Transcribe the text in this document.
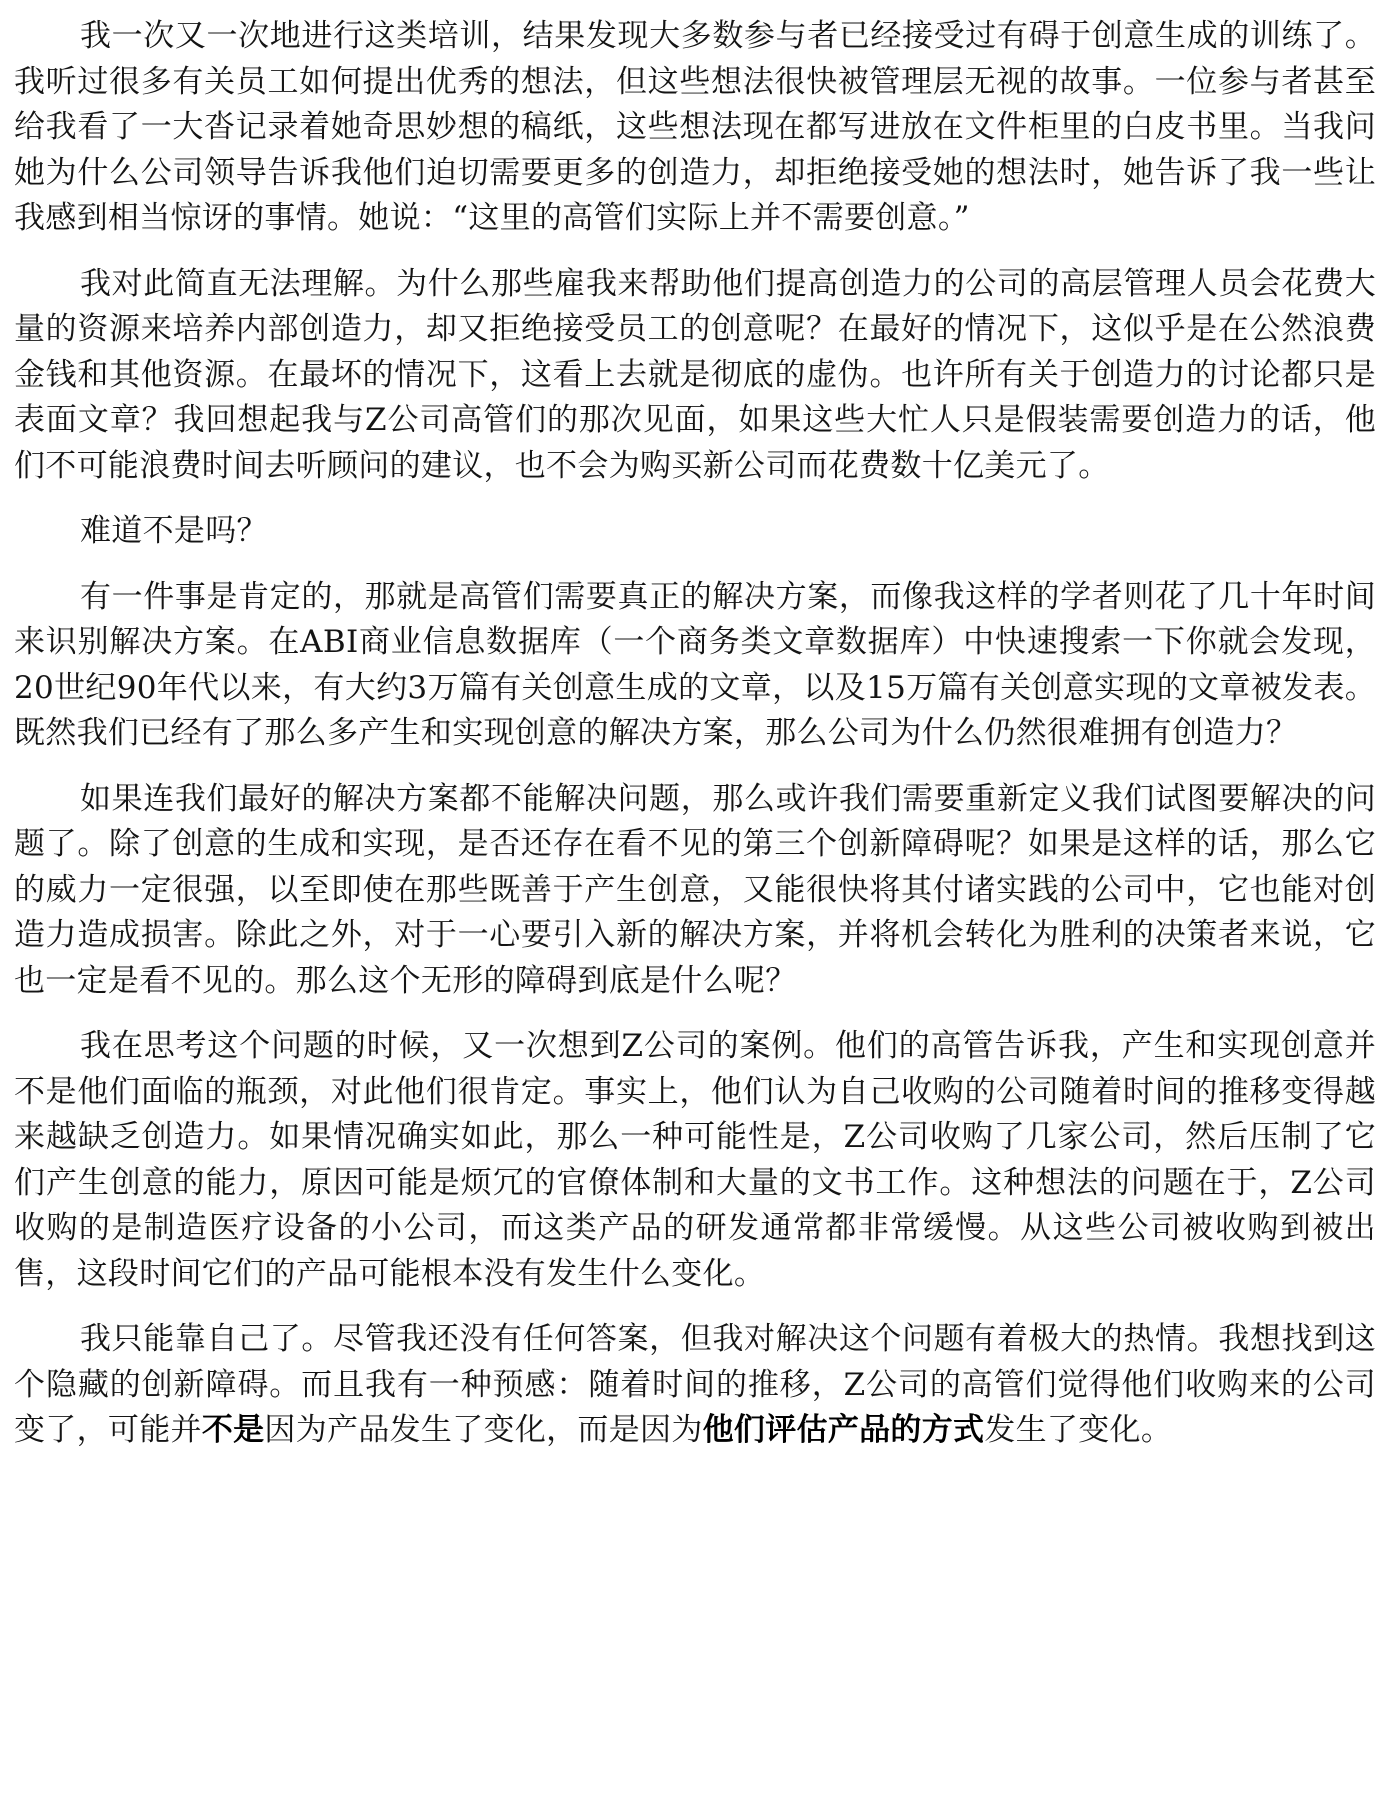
我一次又一次地进行这类培训，结果发现大多数参与者已经接受过有碍于创意生成的训练了。我听过很多有关员工如何提出优秀的想法，但这些想法很快被管理层无视的故事。一位参与者甚至给我看了一大沓记录着她奇思妙想的稿纸，这些想法现在都写进放在文件柜里的白皮书里。当我问她为什么公司领导告诉我他们迫切需要更多的创造力，却拒绝接受她的想法时，她告诉了我一些让我感到相当惊讶的事情。她说：“这里的高管们实际上并不需要创意。”

我对此简直无法理解。为什么那些雇我来帮助他们提高创造力的公司的高层管理人员会花费大量的资源来培养内部创造力，却又拒绝接受员工的创意呢？在最好的情况下，这似乎是在公然浪费金钱和其他资源。在最坏的情况下，这看上去就是彻底的虚伪。也许所有关于创造力的讨论都只是表面文章？我回想起我与Z公司高管们的那次见面，如果这些大忙人只是假装需要创造力的话，他们不可能浪费时间去听顾问的建议，也不会为购买新公司而花费数十亿美元了。

难道不是吗？

有一件事是肯定的，那就是高管们需要真正的解决方案，而像我这样的学者则花了几十年时间来识别解决方案。在ABI商业信息数据库（一个商务类文章数据库）中快速搜索一下你就会发现，20世纪90年代以来，有大约3万篇有关创意生成的文章，以及15万篇有关创意实现的文章被发表。既然我们已经有了那么多产生和实现创意的解决方案，那么公司为什么仍然很难拥有创造力？

如果连我们最好的解决方案都不能解决问题，那么或许我们需要重新定义我们试图要解决的问题了。除了创意的生成和实现，是否还存在看不见的第三个创新障碍呢？如果是这样的话，那么它的威力一定很强，以至即使在那些既善于产生创意，又能很快将其付诸实践的公司中，它也能对创造力造成损害。除此之外，对于一心要引入新的解决方案，并将机会转化为胜利的决策者来说，它也一定是看不见的。那么这个无形的障碍到底是什么呢？

我在思考这个问题的时候，又一次想到Z公司的案例。他们的高管告诉我，产生和实现创意并不是他们面临的瓶颈，对此他们很肯定。事实上，他们认为自己收购的公司随着时间的推移变得越来越缺乏创造力。如果情况确实如此，那么一种可能性是，Z公司收购了几家公司，然后压制了它们产生创意的能力，原因可能是烦冗的官僚体制和大量的文书工作。这种想法的问题在于，Z公司收购的是制造医疗设备的小公司，而这类产品的研发通常都非常缓慢。从这些公司被收购到被出售，这段时间它们的产品可能根本没有发生什么变化。

我只能靠自己了。尽管我还没有任何答案，但我对解决这个问题有着极大的热情。我想找到这个隐藏的创新障碍。而且我有一种预感：随着时间的推移，Z公司的高管们觉得他们收购来的公司变了，可能并不是因为产品发生了变化，而是因为他们评估产品的方式发生了变化。
